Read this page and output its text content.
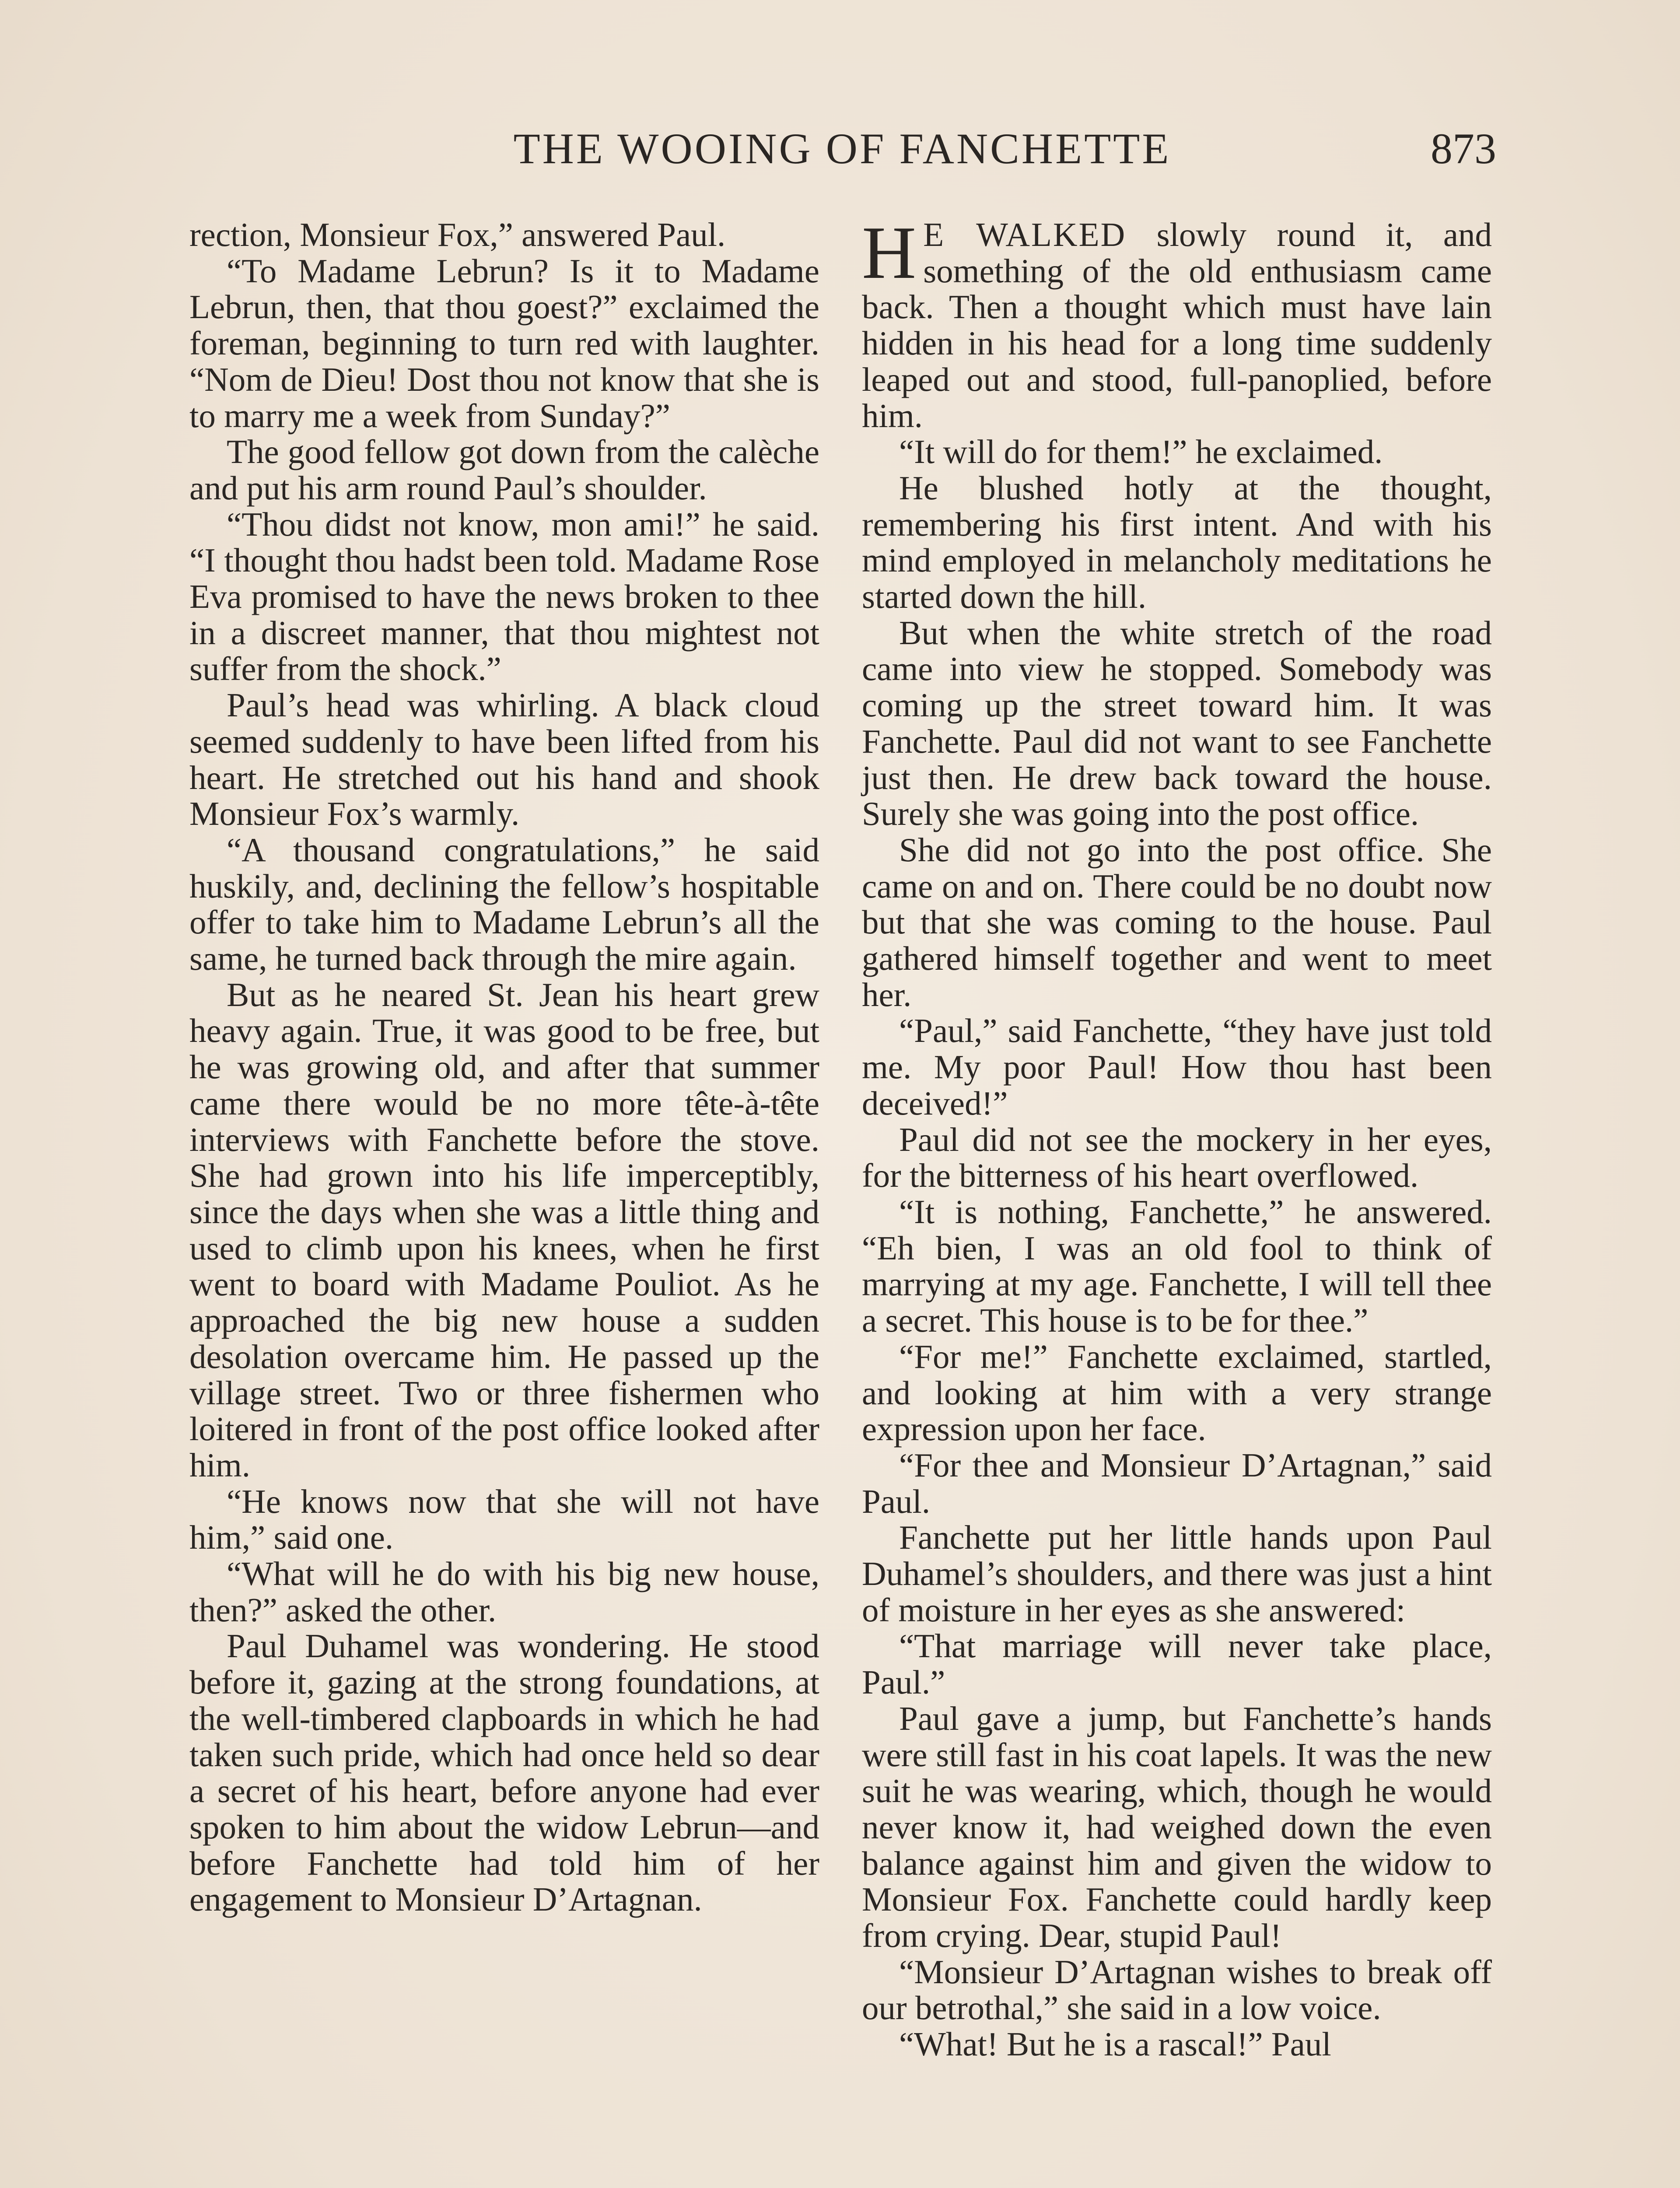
THE WOOING OF FANCHETTE	873

rection, Monsieur Fox,” answered Paul.

“To Madame Lebrun? Is it to Madame Lebrun, then, that thou goest?” exclaimed the foreman, beginning to turn red with laughter. “Nom de Dieu! Dost thou not know that she is to marry me a week from Sunday?”

The good fellow got down from the calèche and put his arm round Paul’s shoulder.

“Thou didst not know, mon ami!” he said. “I thought thou hadst been told. Madame Rose Eva promised to have the news broken to thee in a discreet manner, that thou mightest not suffer from the shock.”

Paul’s head was whirling. A black cloud seemed suddenly to have been lifted from his heart. He stretched out his hand and shook Monsieur Fox’s warmly.

“A thousand congratulations,” he said huskily, and, declining the fellow’s hospitable offer to take him to Madame Lebrun’s all the same, he turned back through the mire again.

But as he neared St. Jean his heart grew heavy again. True, it was good to be free, but he was growing old, and after that summer came there would be no more tête-à-tête interviews with Fanchette before the stove. She had grown into his life imperceptibly, since the days when she was a little thing and used to climb upon his knees, when he first went to board with Madame Pouliot. As he approached the big new house a sudden desolation overcame him. He passed up the village street. Two or three fishermen who loitered in front of the post office looked after him.

“He knows now that she will not have him,” said one.

“What will he do with his big new house, then?” asked the other.

Paul Duhamel was wondering. He stood before it, gazing at the strong foundations, at the well-timbered clapboards in which he had taken such pride, which had once held so dear a secret of his heart, before anyone had ever spoken to him about the widow Lebrun—and before Fanchette had told him of her engagement to Monsieur D’Artagnan.

H E WALKED slowly round it, and something of the old enthusiasm came back. Then a thought which must have lain hidden in his head for a long time suddenly leaped out and stood, full-panoplied, before him.

“It will do for them!” he exclaimed.

He blushed hotly at the thought, remembering his first intent. And with his mind employed in melancholy meditations he started down the hill.

But when the white stretch of the road came into view he stopped. Somebody was coming up the street toward him. It was Fanchette. Paul did not want to see Fanchette just then. He drew back toward the house. Surely she was going into the post office.

She did not go into the post office. She came on and on. There could be no doubt now but that she was coming to the house. Paul gathered himself together and went to meet her.

“Paul,” said Fanchette, “they have just told me. My poor Paul! How thou hast been deceived!”

Paul did not see the mockery in her eyes, for the bitterness of his heart overflowed.

“It is nothing, Fanchette,” he answered. “Eh bien, I was an old fool to think of marrying at my age. Fanchette, I will tell thee a secret. This house is to be for thee.”

“For me!” Fanchette exclaimed, startled, and looking at him with a very strange expression upon her face.

“For thee and Monsieur D’Artagnan,” said Paul.

Fanchette put her little hands upon Paul Duhamel’s shoulders, and there was just a hint of moisture in her eyes as she answered:

“That marriage will never take place, Paul.”

Paul gave a jump, but Fanchette’s hands were still fast in his coat lapels. It was the new suit he was wearing, which, though he would never know it, had weighed down the even balance against him and given the widow to Monsieur Fox. Fanchette could hardly keep from crying. Dear, stupid Paul!

“Monsieur D’Artagnan wishes to break off our betrothal,” she said in a low voice.

“What! But he is a rascal!” Paul
